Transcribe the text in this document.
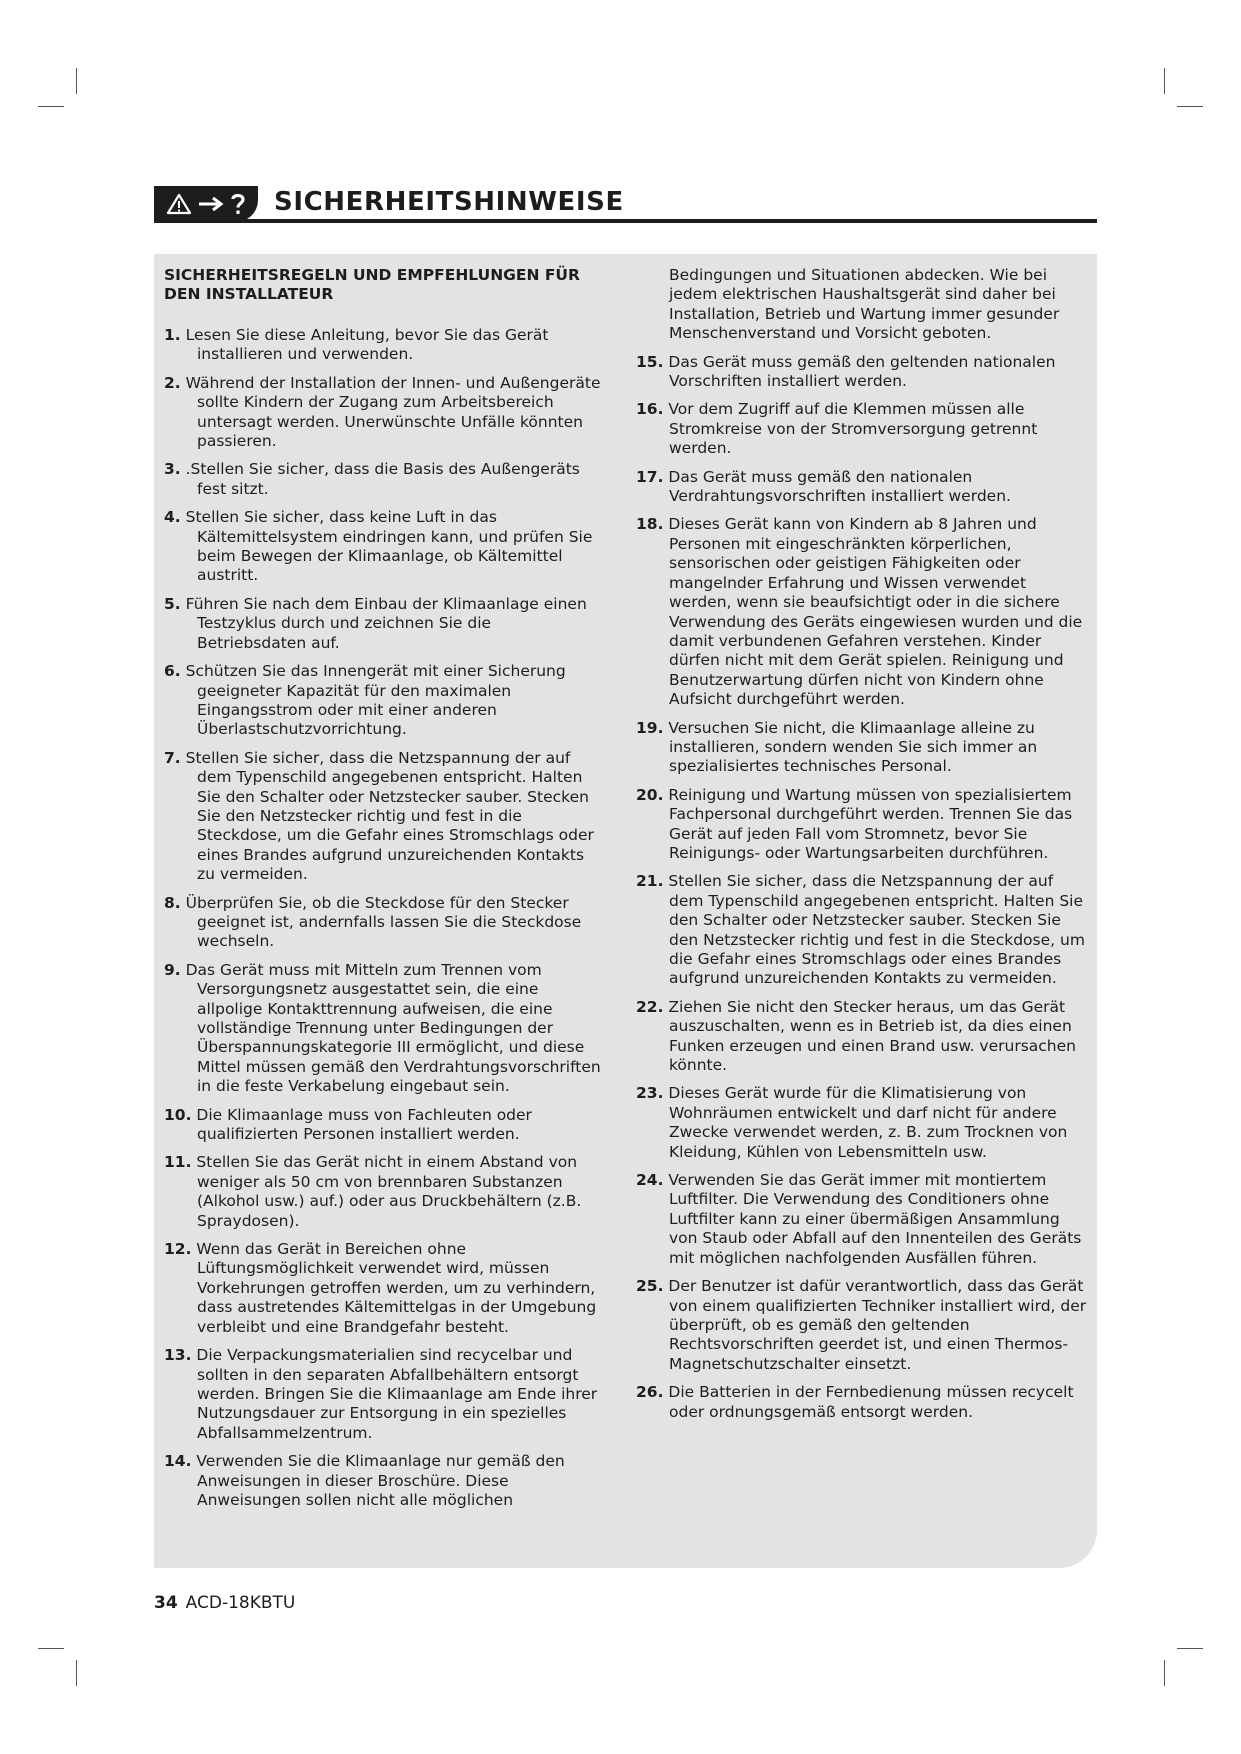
SICHERHEITSHINWEISE
SICHERHEITSREGELN UND EMPFEHLUNGEN FÜR DEN INSTALLATEUR
1. Lesen Sie diese Anleitung, bevor Sie das Gerät installieren und verwenden.
2. Während der Installation der Innen- und Außengeräte sollte Kindern der Zugang zum Arbeitsbereich untersagt werden. Unerwünschte Unfälle könnten passieren.
3. .Stellen Sie sicher, dass die Basis des Außengeräts fest sitzt.
4. Stellen Sie sicher, dass keine Luft in das Kältemittelsystem eindringen kann, und prüfen Sie beim Bewegen der Klimaanlage, ob Kältemittel austritt.
5. Führen Sie nach dem Einbau der Klimaanlage einen Testzyklus durch und zeichnen Sie die Betriebsdaten auf.
6. Schützen Sie das Innengerät mit einer Sicherung geeigneter Kapazität für den maximalen Eingangsstrom oder mit einer anderen Überlastschutzvorrichtung.
7. Stellen Sie sicher, dass die Netzspannung der auf dem Typenschild angegebenen entspricht. Halten Sie den Schalter oder Netzstecker sauber. Stecken Sie den Netzstecker richtig und fest in die Steckdose, um die Gefahr eines Stromschlags oder eines Brandes aufgrund unzureichenden Kontakts zu vermeiden.
8. Überprüfen Sie, ob die Steckdose für den Stecker geeignet ist, andernfalls lassen Sie die Steckdose wechseln.
9. Das Gerät muss mit Mitteln zum Trennen vom Versorgungsnetz ausgestattet sein, die eine allpolige Kontakttrennung aufweisen, die eine vollständige Trennung unter Bedingungen der Überspannungskategorie III ermöglicht, und diese Mittel müssen gemäß den Verdrahtungsvorschriften in die feste Verkabelung eingebaut sein.
10. Die Klimaanlage muss von Fachleuten oder qualifizierten Personen installiert werden.
11. Stellen Sie das Gerät nicht in einem Abstand von weniger als 50 cm von brennbaren Substanzen (Alkohol usw.) auf.) oder aus Druckbehältern (z.B. Spraydosen).
12. Wenn das Gerät in Bereichen ohne Lüftungsmöglichkeit verwendet wird, müssen Vorkehrungen getroffen werden, um zu verhindern, dass austretendes Kältemittelgas in der Umgebung verbleibt und eine Brandgefahr besteht.
13. Die Verpackungsmaterialien sind recycelbar und sollten in den separaten Abfallbehältern entsorgt werden. Bringen Sie die Klimaanlage am Ende ihrer Nutzungsdauer zur Entsorgung in ein spezielles Abfallsammelzentrum.
14. Verwenden Sie die Klimaanlage nur gemäß den Anweisungen in dieser Broschüre. Diese Anweisungen sollen nicht alle möglichen
Bedingungen und Situationen abdecken. Wie bei jedem elektrischen Haushaltsgerät sind daher bei Installation, Betrieb und Wartung immer gesunder Menschenverstand und Vorsicht geboten.
15. Das Gerät muss gemäß den geltenden nationalen Vorschriften installiert werden.
16. Vor dem Zugriff auf die Klemmen müssen alle Stromkreise von der Stromversorgung getrennt werden.
17. Das Gerät muss gemäß den nationalen Verdrahtungsvorschriften installiert werden.
18. Dieses Gerät kann von Kindern ab 8 Jahren und Personen mit eingeschränkten körperlichen, sensorischen oder geistigen Fähigkeiten oder mangelnder Erfahrung und Wissen verwendet werden, wenn sie beaufsichtigt oder in die sichere Verwendung des Geräts eingewiesen wurden und die damit verbundenen Gefahren verstehen. Kinder dürfen nicht mit dem Gerät spielen. Reinigung und Benutzerwartung dürfen nicht von Kindern ohne Aufsicht durchgeführt werden.
19. Versuchen Sie nicht, die Klimaanlage alleine zu installieren, sondern wenden Sie sich immer an spezialisiertes technisches Personal.
20. Reinigung und Wartung müssen von spezialisiertem Fachpersonal durchgeführt werden. Trennen Sie das Gerät auf jeden Fall vom Stromnetz, bevor Sie Reinigungs- oder Wartungsarbeiten durchführen.
21. Stellen Sie sicher, dass die Netzspannung der auf dem Typenschild angegebenen entspricht. Halten Sie den Schalter oder Netzstecker sauber. Stecken Sie den Netzstecker richtig und fest in die Steckdose, um die Gefahr eines Stromschlags oder eines Brandes aufgrund unzureichenden Kontakts zu vermeiden.
22. Ziehen Sie nicht den Stecker heraus, um das Gerät auszuschalten, wenn es in Betrieb ist, da dies einen Funken erzeugen und einen Brand usw. verursachen könnte.
23. Dieses Gerät wurde für die Klimatisierung von Wohnräumen entwickelt und darf nicht für andere Zwecke verwendet werden, z. B. zum Trocknen von Kleidung, Kühlen von Lebensmitteln usw.
24. Verwenden Sie das Gerät immer mit montiertem Luftfilter. Die Verwendung des Conditioners ohne Luftfilter kann zu einer übermäßigen Ansammlung von Staub oder Abfall auf den Innenteilen des Geräts mit möglichen nachfolgenden Ausfällen führen.
25. Der Benutzer ist dafür verantwortlich, dass das Gerät von einem qualifizierten Techniker installiert wird, der überprüft, ob es gemäß den geltenden Rechtsvorschriften geerdet ist, und einen Thermos-Magnetschutzschalter einsetzt.
26. Die Batterien in der Fernbedienung müssen recycelt oder ordnungsgemäß entsorgt werden.
34 ACD-18KBTU
